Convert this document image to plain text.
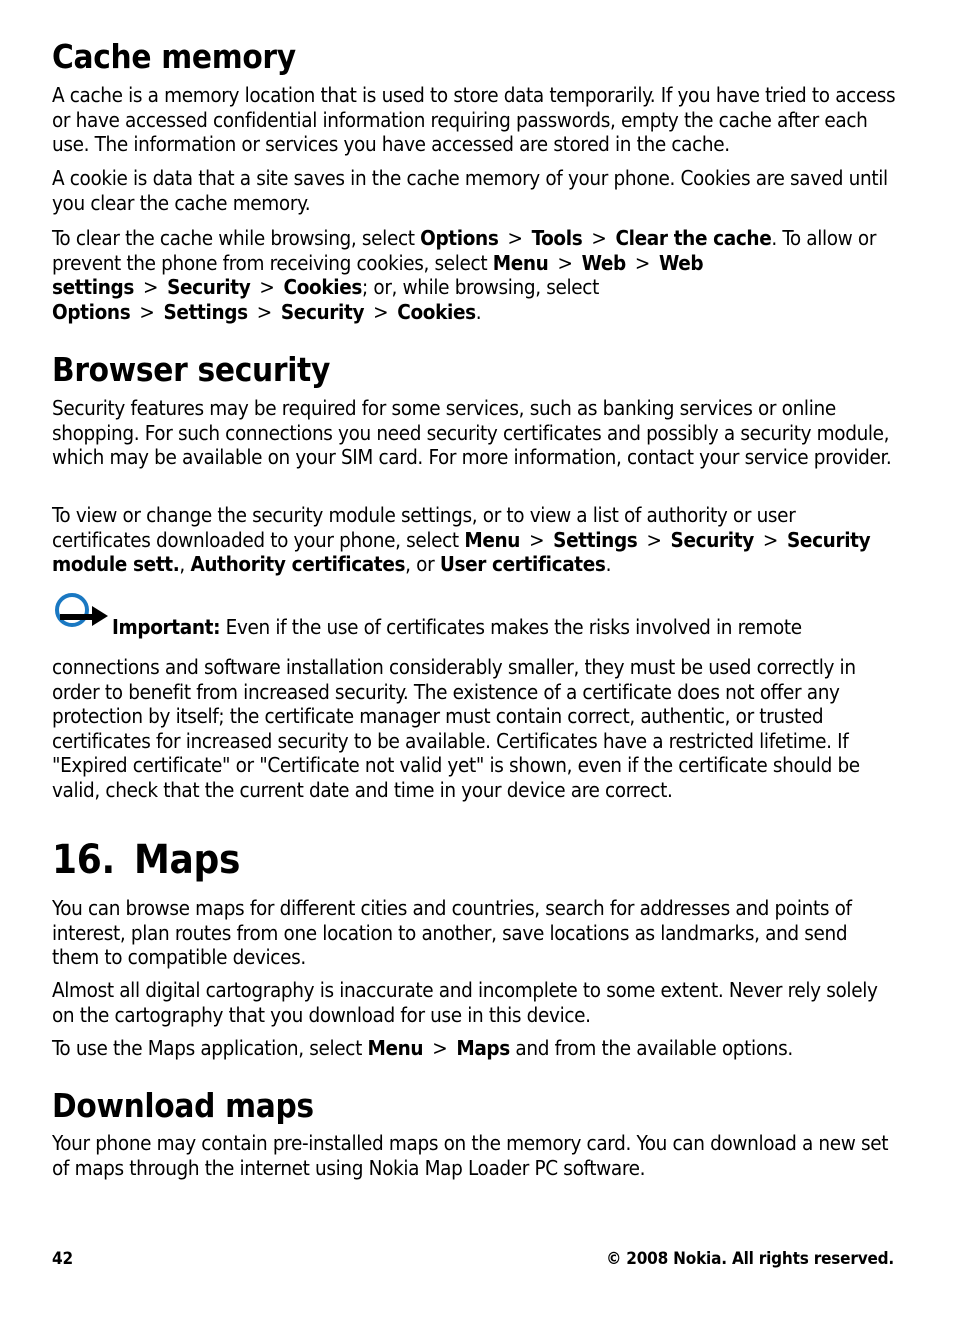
Cache memory

A cache is a memory location that is used to store data temporarily. If you have tried to access or have accessed confidential information requiring passwords, empty the cache after each use. The information or services you have accessed are stored in the cache.

A cookie is data that a site saves in the cache memory of your phone. Cookies are saved until you clear the cache memory.

To clear the cache while browsing, select Options > Tools > Clear the cache. To allow or prevent the phone from receiving cookies, select Menu > Web > Web settings > Security > Cookies; or, while browsing, select Options > Settings > Security > Cookies.

Browser security

Security features may be required for some services, such as banking services or online shopping. For such connections you need security certificates and possibly a security module, which may be available on your SIM card. For more information, contact your service provider.

To view or change the security module settings, or to view a list of authority or user certificates downloaded to your phone, select Menu > Settings > Security > Security module sett., Authority certificates, or User certificates.

Important: Even if the use of certificates makes the risks involved in remote connections and software installation considerably smaller, they must be used correctly in order to benefit from increased security. The existence of a certificate does not offer any protection by itself; the certificate manager must contain correct, authentic, or trusted certificates for increased security to be available. Certificates have a restricted lifetime. If "Expired certificate" or "Certificate not valid yet" is shown, even if the certificate should be valid, check that the current date and time in your device are correct.

16. Maps

You can browse maps for different cities and countries, search for addresses and points of interest, plan routes from one location to another, save locations as landmarks, and send them to compatible devices.

Almost all digital cartography is inaccurate and incomplete to some extent. Never rely solely on the cartography that you download for use in this device.

To use the Maps application, select Menu > Maps and from the available options.

Download maps

Your phone may contain pre-installed maps on the memory card. You can download a new set of maps through the internet using Nokia Map Loader PC software.

42	© 2008 Nokia. All rights reserved.
